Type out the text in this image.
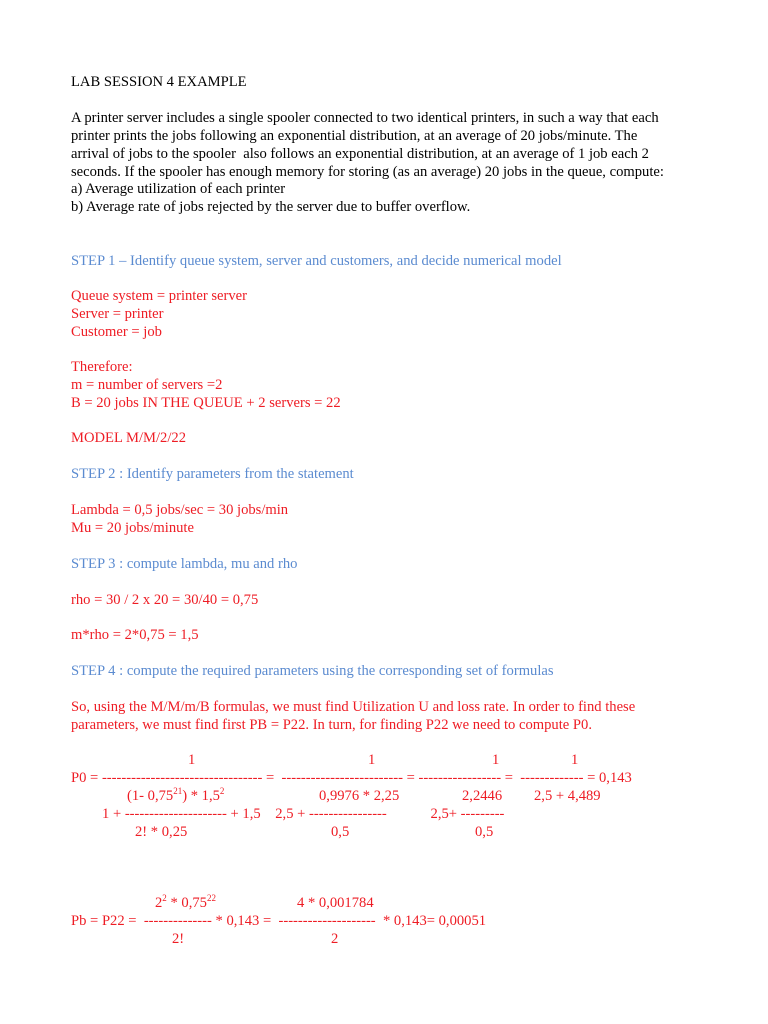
LAB SESSION 4 EXAMPLE
A printer server includes a single spooler connected to two identical printers, in such a way that each
printer prints the jobs following an exponential distribution, at an average of 20 jobs/minute. The
arrival of jobs to the spooler  also follows an exponential distribution, at an average of 1 job each 2
seconds. If the spooler has enough memory for storing (as an average) 20 jobs in the queue, compute:
a) Average utilization of each printer
b) Average rate of jobs rejected by the server due to buffer overflow.
STEP 1 – Identify queue system, server and customers, and decide numerical model
Queue system = printer server
Server = printer
Customer = job
Therefore:
m = number of servers =2
B = 20 jobs IN THE QUEUE + 2 servers = 22
MODEL M/M/2/22
STEP 2 : Identify parameters from the statement
Lambda = 0,5 jobs/sec = 30 jobs/min
Mu = 20 jobs/minute
STEP 3 : compute lambda, mu and rho
rho = 30 / 2 x 20 = 30/40 = 0,75
m*rho = 2*0,75 = 1,5
STEP 4 : compute the required parameters using the corresponding set of formulas
So, using the M/M/m/B formulas, we must find Utilization U and loss rate. In order to find these
parameters, we must find first PB = P22. In turn, for finding P22 we need to compute P0.
1	1	1	1
P0 = --------------------------------- =  ------------------------- = ----------------- =  ------------- = 0,143
(1- $0,75^{21}) * 1,5^2$	0,9976 * 2,25	2,2446 2,5 + 4,489
1 + --------------------- + 1,5    2,5 + ----------------            2,5+ ---------
2! * 0,25	0,5	0,5
$2^2 * 0,75^{22}$	4 * 0,001784
Pb = P22 =  -------------- * 0,143 =  --------------------  * 0,143= 0,00051
2!	2
